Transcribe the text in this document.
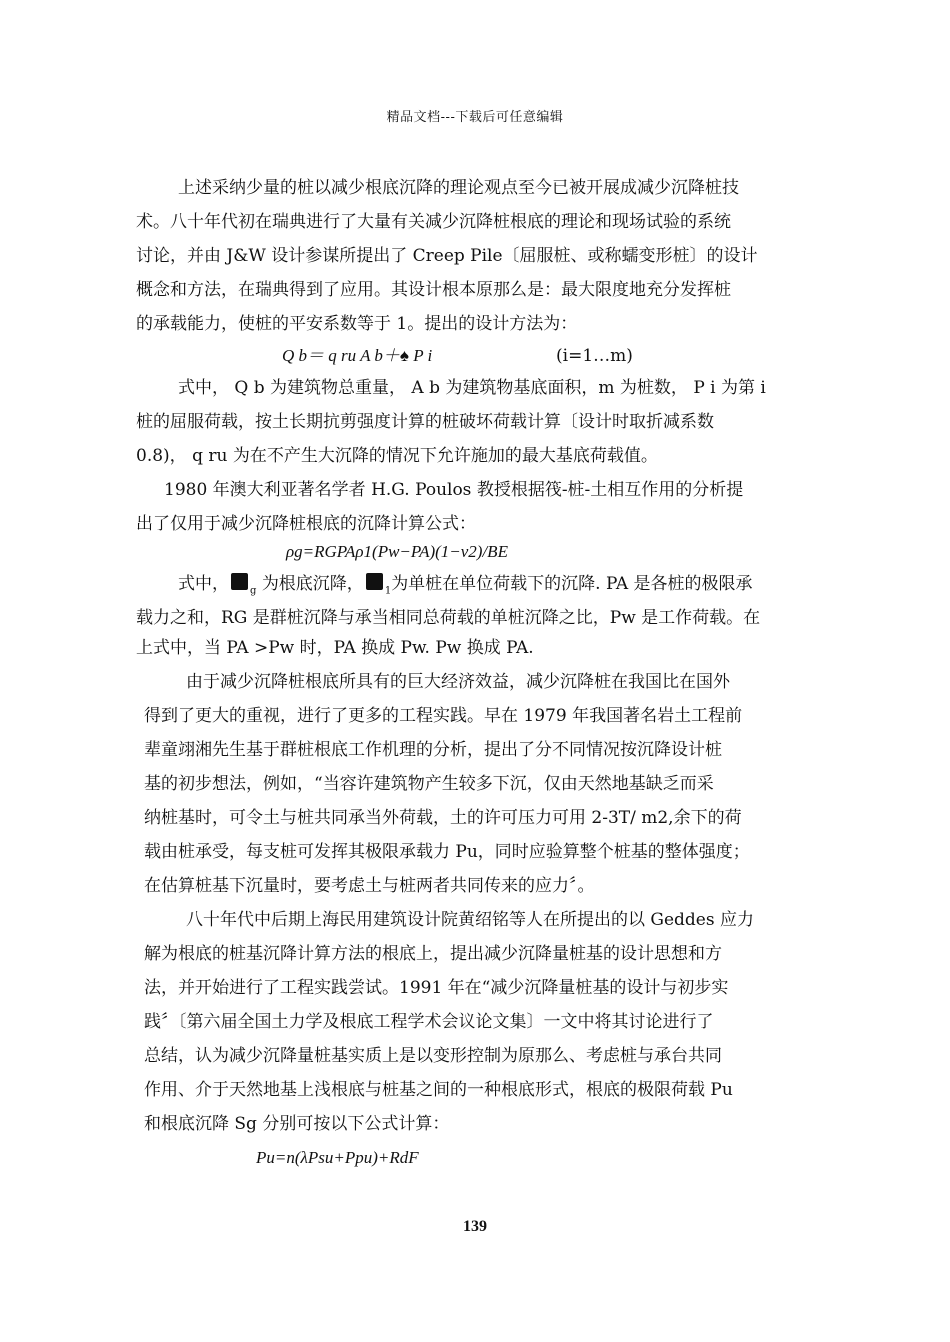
精品文档---下载后可任意编辑
上述采纳少量的桩以减少根底沉降的理论观点至今已被开展成减少沉降桩技
术。八十年代初在瑞典进行了大量有关减少沉降桩根底的理论和现场试验的系统
讨论，并由 J&W 设计参谋所提出了 Creep Pile〔屈服桩、或称蠕变形桩〕的设计
概念和方法，在瑞典得到了应用。其设计根本原那么是：最大限度地充分发挥桩
的承载能力，使桩的平安系数等于 1。提出的设计方法为：
Q b＝ q ru A b＋♠ P i	(i=1…m)
式中， Q b 为建筑物总重量， A b 为建筑物基底面积，m 为桩数， P i 为第 i
桩的屈服荷载，按土长期抗剪强度计算的桩破坏荷载计算〔设计时取折减系数
0.8)， q ru 为在不产生大沉降的情况下允许施加的最大基底荷载值。
1980 年澳大利亚著名学者 H.G. Poulos 教授根据筏-桩-土相互作用的分析提
出了仅用于减少沉降桩根底的沉降计算公式：
ρg=RGPAρ1(Pw−PA)(1−ν2)/BE
式中， $_g$ 为根底沉降， $_1$为单桩在单位荷载下的沉降. PA 是各桩的极限承
载力之和，RG 是群桩沉降与承当相同总荷载的单桩沉降之比，Pw 是工作荷载。在
上式中，当 PA >Pw 时，PA 换成 Pw. Pw 换成 PA.
由于减少沉降桩根底所具有的巨大经济效益，减少沉降桩在我国比在国外
得到了更大的重视，进行了更多的工程实践。早在 1979 年我国著名岩土工程前
辈童翊湘先生基于群桩根底工作机理的分析，提出了分不同情况按沉降设计桩
基的初步想法，例如，“当容许建筑物产生较多下沉，仅由天然地基缺乏而采
纳桩基时，可令土与桩共同承当外荷载，土的许可压力可用 2-3T/ m2,余下的荷
载由桩承受，每支桩可发挥其极限承载力 Pu，同时应验算整个桩基的整体强度；
在估算桩基下沉量时，要考虑土与桩两者共同传来的应力〞。
八十年代中后期上海民用建筑设计院黄绍铭等人在所提出的以 Geddes 应力
解为根底的桩基沉降计算方法的根底上，提出减少沉降量桩基的设计思想和方
法，并开始进行了工程实践尝试。1991 年在“减少沉降量桩基的设计与初步实
践〞〔第六届全国土力学及根底工程学术会议论文集〕一文中将其讨论进行了
总结，认为减少沉降量桩基实质上是以变形控制为原那么、考虑桩与承台共同
作用、介于天然地基上浅根底与桩基之间的一种根底形式，根底的极限荷载 Pu
和根底沉降 Sg 分别可按以下公式计算：
Pu=n(λPsu+Ppu)+RdF
139
